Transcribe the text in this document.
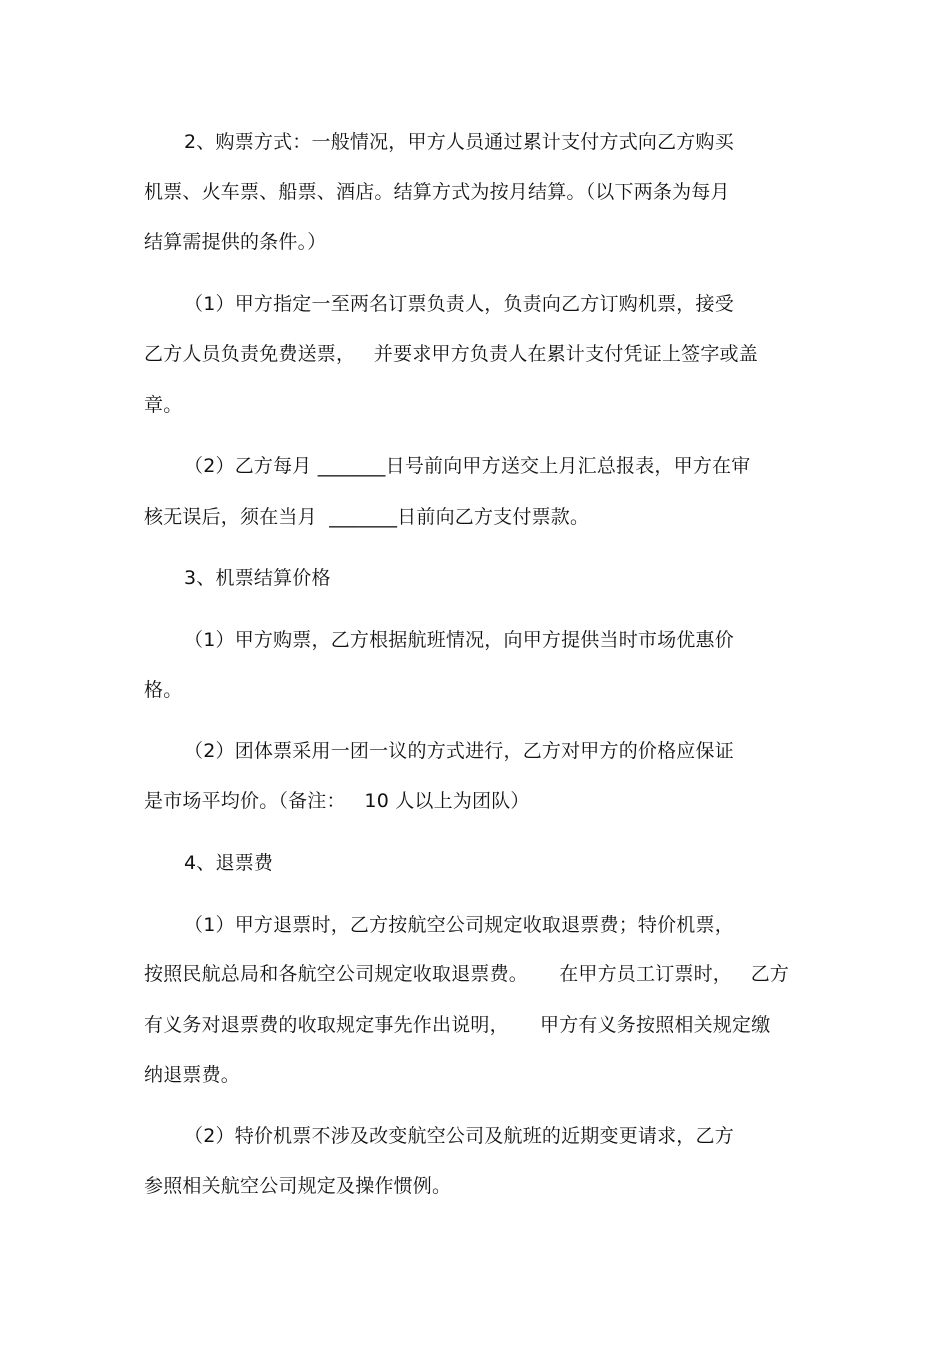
2、购票方式：一般情况，甲方人员通过累计支付方式向乙方购买
机票、火车票、船票、酒店。结算方式为按月结算。（以下两条为每月
结算需提供的条件。）
（1）甲方指定一至两名订票负责人，负责向乙方订购机票，接受
乙方人员负责免费送票，   并要求甲方负责人在累计支付凭证上签字或盖
章。
（2）乙方每月 _______日号前向甲方送交上月汇总报表，甲方在审
核无误后，须在当月  _______日前向乙方支付票款。
3、机票结算价格
（1）甲方购票，乙方根据航班情况，向甲方提供当时市场优惠价
格。
（2）团体票采用一团一议的方式进行，乙方对甲方的价格应保证
是市场平均价。（备注：   10 人以上为团队）
4、退票费
（1）甲方退票时，乙方按航空公司规定收取退票费；特价机票，
按照民航总局和各航空公司规定收取退票费。     在甲方员工订票时，   乙方
有义务对退票费的收取规定事先作出说明，     甲方有义务按照相关规定缴
纳退票费。
（2）特价机票不涉及改变航空公司及航班的近期变更请求，乙方
参照相关航空公司规定及操作惯例。
